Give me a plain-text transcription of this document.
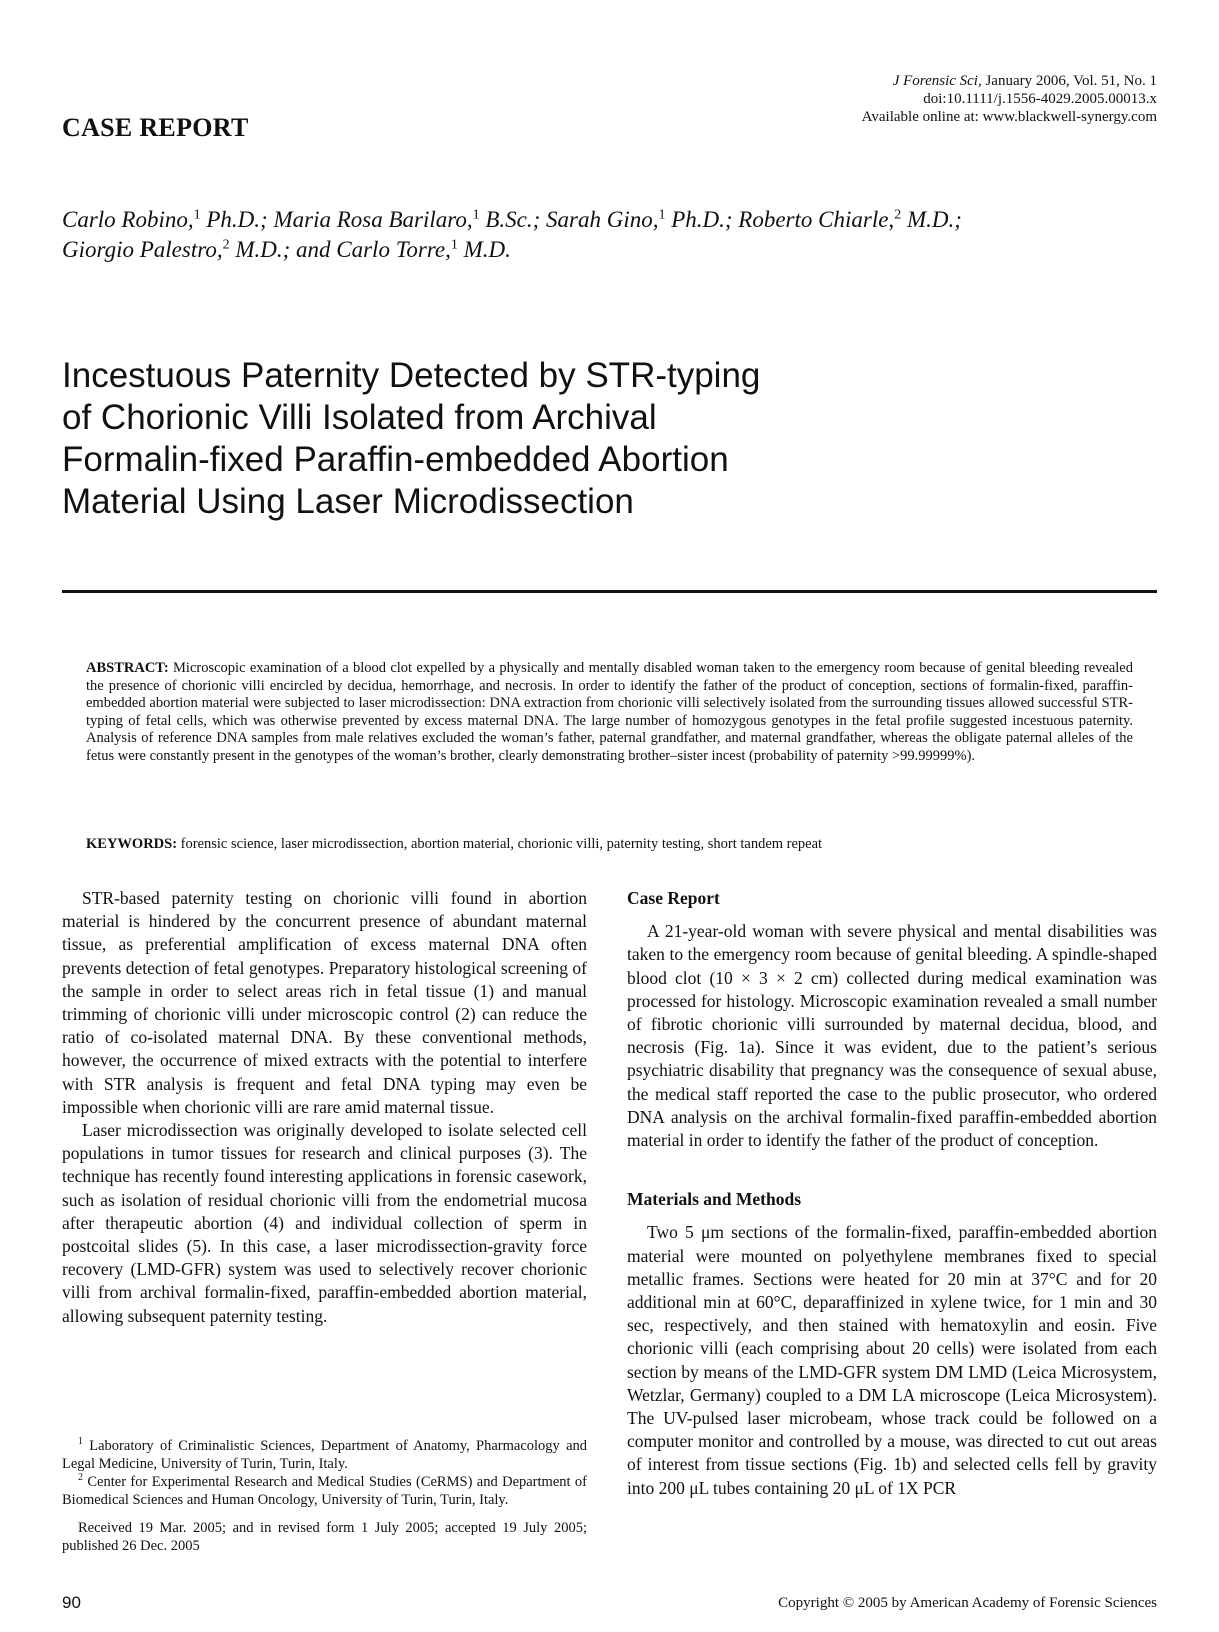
J Forensic Sci, January 2006, Vol. 51, No. 1
doi:10.1111/j.1556-4029.2005.00013.x
Available online at: www.blackwell-synergy.com
CASE REPORT
Carlo Robino,$^1$ Ph.D.; Maria Rosa Barilaro,$^1$ B.Sc.; Sarah Gino,$^1$ Ph.D.; Roberto Chiarle,$^2$ M.D.;
Giorgio Palestro,$^2$ M.D.; and Carlo Torre,$^1$ M.D.
Incestuous Paternity Detected by STR-typing
of Chorionic Villi Isolated from Archival
Formalin-fixed Paraffin-embedded Abortion
Material Using Laser Microdissection
ABSTRACT: Microscopic examination of a blood clot expelled by a physically and mentally disabled woman taken to the emergency room because of genital bleeding revealed the presence of chorionic villi encircled by decidua, hemorrhage, and necrosis. In order to identify the father of the product of conception, sections of formalin-fixed, paraffin-embedded abortion material were subjected to laser microdissection: DNA extraction from chorionic villi selectively isolated from the surrounding tissues allowed successful STR-typing of fetal cells, which was otherwise prevented by excess maternal DNA. The large number of homozygous genotypes in the fetal profile suggested incestuous paternity. Analysis of reference DNA samples from male relatives excluded the woman’s father, paternal grandfather, and maternal grandfather, whereas the obligate paternal alleles of the fetus were constantly present in the genotypes of the woman’s brother, clearly demonstrating brother–sister incest (probability of paternity >99.99999%).
KEYWORDS: forensic science, laser microdissection, abortion material, chorionic villi, paternity testing, short tandem repeat

STR-based paternity testing on chorionic villi found in abortion material is hindered by the concurrent presence of abundant maternal tissue, as preferential amplification of excess maternal DNA often prevents detection of fetal genotypes. Preparatory histological screening of the sample in order to select areas rich in fetal tissue (1) and manual trimming of chorionic villi under microscopic control (2) can reduce the ratio of co-isolated maternal DNA. By these conventional methods, however, the occurrence of mixed extracts with the potential to interfere with STR analysis is frequent and fetal DNA typing may even be impossible when chorionic villi are rare amid maternal tissue.

Laser microdissection was originally developed to isolate selected cell populations in tumor tissues for research and clinical purposes (3). The technique has recently found interesting applications in forensic casework, such as isolation of residual chorionic villi from the endometrial mucosa after therapeutic abortion (4) and individual collection of sperm in postcoital slides (5). In this case, a laser microdissection-gravity force recovery (LMD-GFR) system was used to selectively recover chorionic villi from archival formalin-fixed, paraffin-embedded abortion material, allowing subsequent paternity testing.

$^1$ Laboratory of Criminalistic Sciences, Department of Anatomy, Pharmacology and Legal Medicine, University of Turin, Turin, Italy.

$^2$ Center for Experimental Research and Medical Studies (CeRMS) and Department of Biomedical Sciences and Human Oncology, University of Turin, Turin, Italy.

Received 19 Mar. 2005; and in revised form 1 July 2005; accepted 19 July 2005; published 26 Dec. 2005

Case Report

A 21-year-old woman with severe physical and mental disabilities was taken to the emergency room because of genital bleeding. A spindle-shaped blood clot (10 × 3 × 2 cm) collected during medical examination was processed for histology. Microscopic examination revealed a small number of fibrotic chorionic villi surrounded by maternal decidua, blood, and necrosis (Fig. 1a). Since it was evident, due to the patient’s serious psychiatric disability that pregnancy was the consequence of sexual abuse, the medical staff reported the case to the public prosecutor, who ordered DNA analysis on the archival formalin-fixed paraffin-embedded abortion material in order to identify the father of the product of conception.

Materials and Methods

Two 5 μm sections of the formalin-fixed, paraffin-embedded abortion material were mounted on polyethylene membranes fixed to special metallic frames. Sections were heated for 20 min at 37°C and for 20 additional min at 60°C, deparaffinized in xylene twice, for 1 min and 30 sec, respectively, and then stained with hematoxylin and eosin. Five chorionic villi (each comprising about 20 cells) were isolated from each section by means of the LMD-GFR system DM LMD (Leica Microsystem, Wetzlar, Germany) coupled to a DM LA microscope (Leica Microsystem). The UV-pulsed laser microbeam, whose track could be followed on a computer monitor and controlled by a mouse, was directed to cut out areas of interest from tissue sections (Fig. 1b) and selected cells fell by gravity into 200 μL tubes containing 20 μL of 1X PCR

90	Copyright © 2005 by American Academy of Forensic Sciences
